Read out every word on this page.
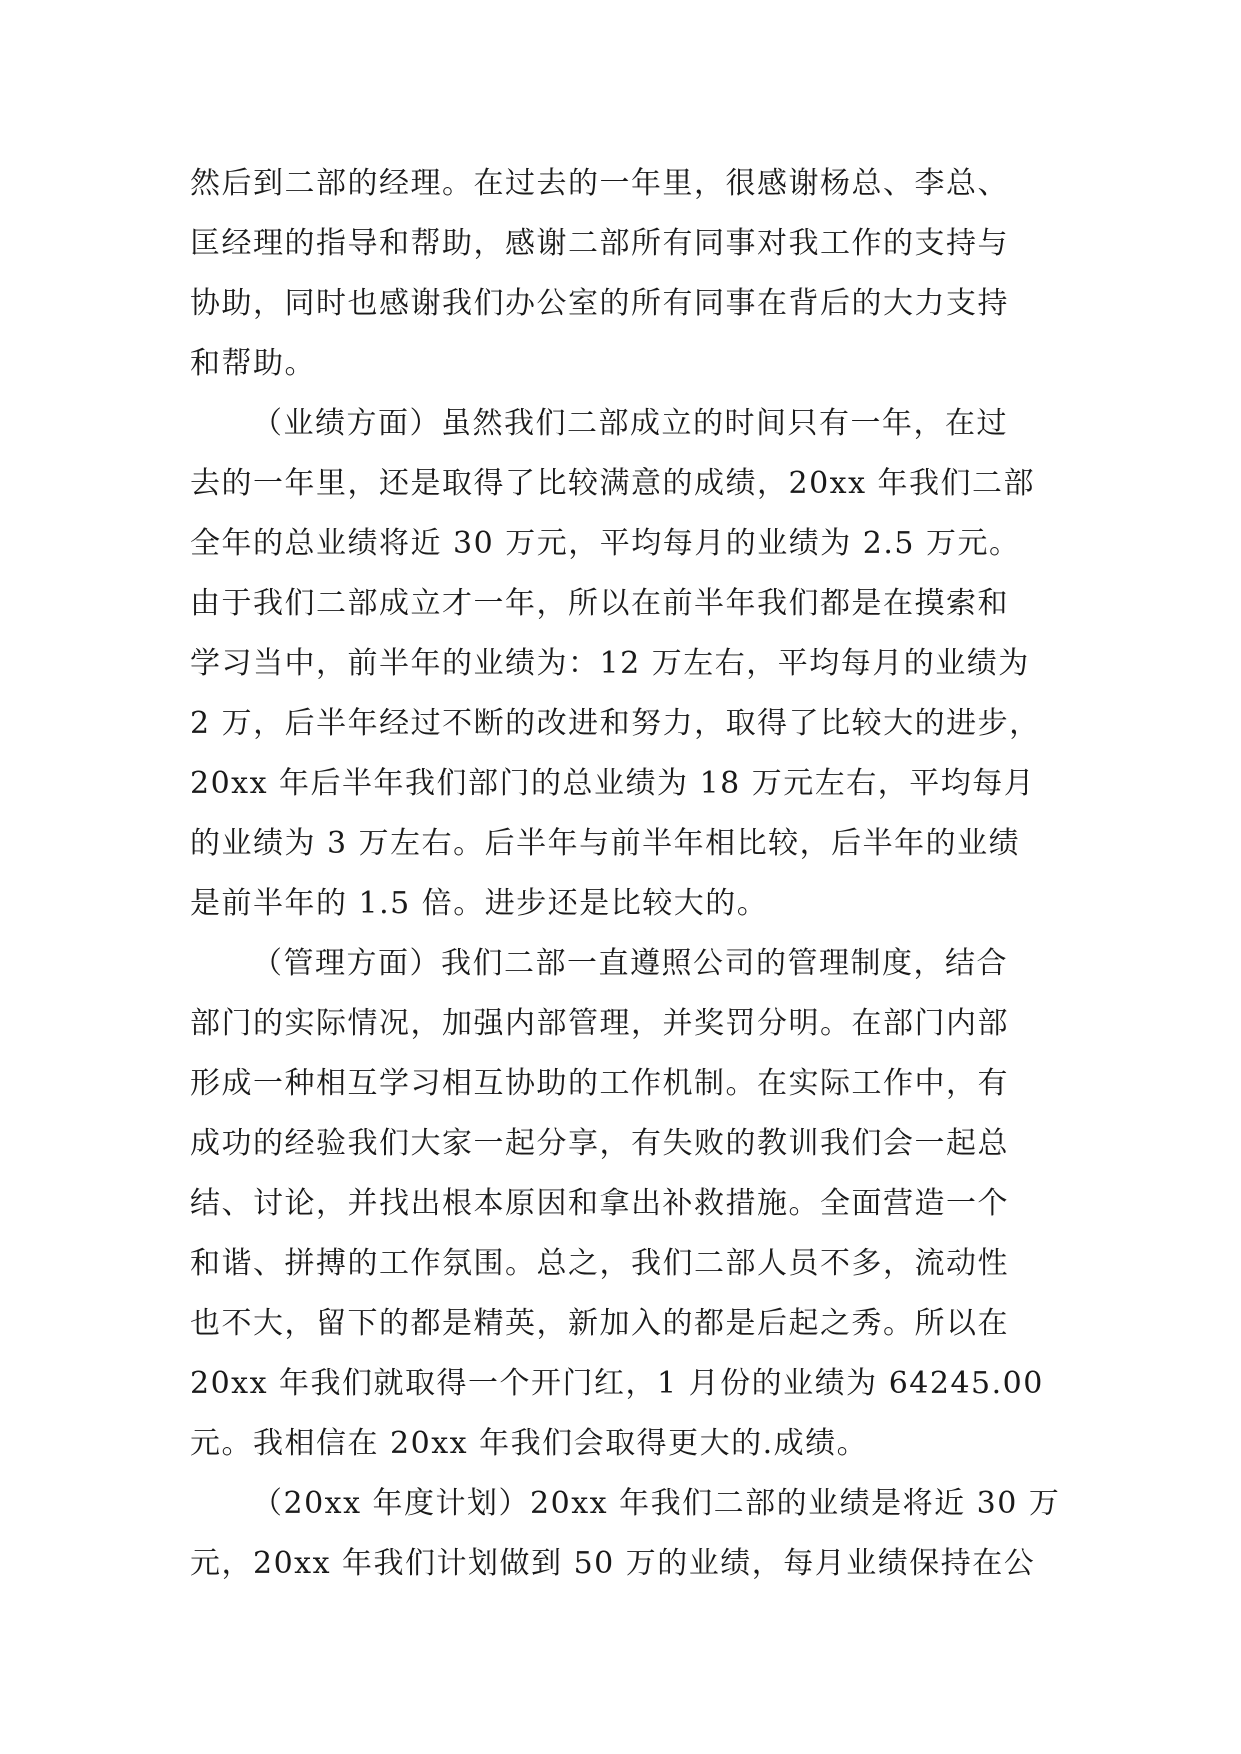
然后到二部的经理。在过去的一年里，很感谢杨总、李总、
匡经理的指导和帮助，感谢二部所有同事对我工作的支持与
协助，同时也感谢我们办公室的所有同事在背后的大力支持
和帮助。
（业绩方面）虽然我们二部成立的时间只有一年，在过
去的一年里，还是取得了比较满意的成绩，20xx 年我们二部
全年的总业绩将近 30 万元，平均每月的业绩为 2.5 万元。
由于我们二部成立才一年，所以在前半年我们都是在摸索和
学习当中，前半年的业绩为：12 万左右，平均每月的业绩为
2 万，后半年经过不断的改进和努力，取得了比较大的进步，
20xx 年后半年我们部门的总业绩为 18 万元左右，平均每月
的业绩为 3 万左右。后半年与前半年相比较，后半年的业绩
是前半年的 1.5 倍。进步还是比较大的。
（管理方面）我们二部一直遵照公司的管理制度，结合
部门的实际情况，加强内部管理，并奖罚分明。在部门内部
形成一种相互学习相互协助的工作机制。在实际工作中，有
成功的经验我们大家一起分享，有失败的教训我们会一起总
结、讨论，并找出根本原因和拿出补救措施。全面营造一个
和谐、拼搏的工作氛围。总之，我们二部人员不多，流动性
也不大，留下的都是精英，新加入的都是后起之秀。所以在
20xx 年我们就取得一个开门红，1 月份的业绩为 64245.00
元。我相信在 20xx 年我们会取得更大的.成绩。
（20xx 年度计划）20xx 年我们二部的业绩是将近 30 万
元，20xx 年我们计划做到 50 万的业绩，每月业绩保持在公
